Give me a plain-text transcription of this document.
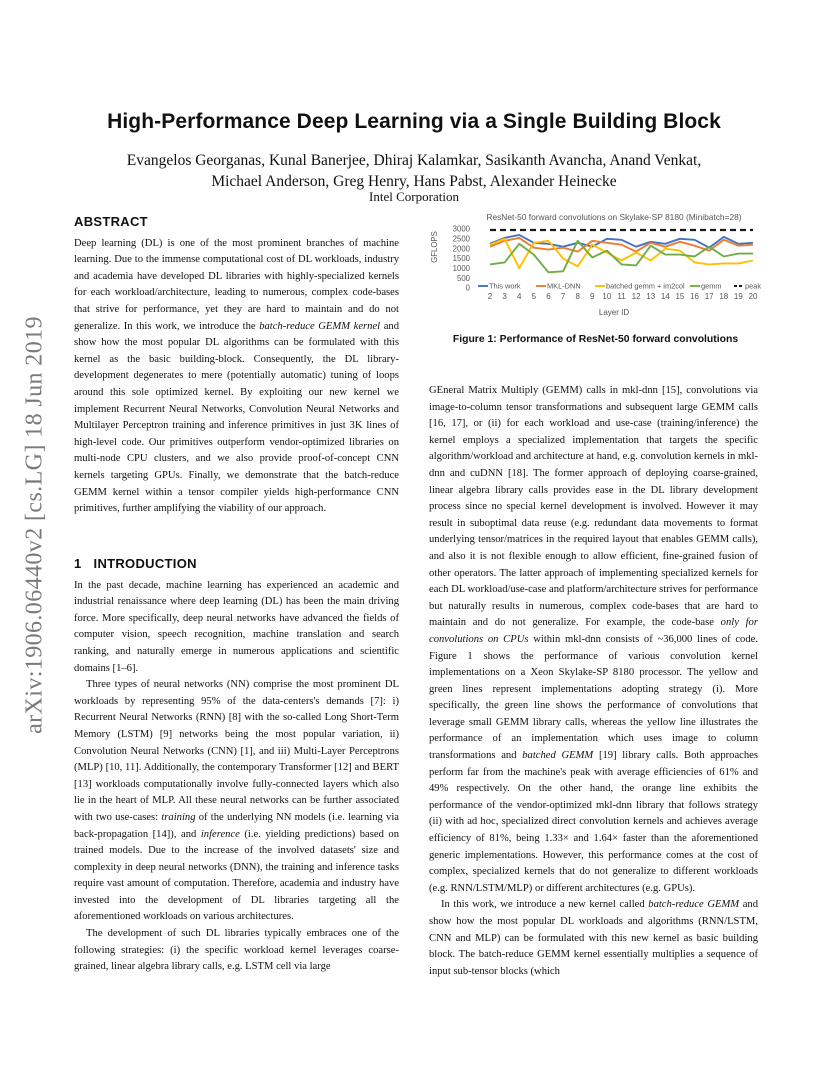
High-Performance Deep Learning via a Single Building Block
Evangelos Georganas, Kunal Banerjee, Dhiraj Kalamkar, Sasikanth Avancha, Anand Venkat,
Michael Anderson, Greg Henry, Hans Pabst, Alexander Heinecke
Intel Corporation
arXiv:1906.06440v2 [cs.LG] 18 Jun 2019
ABSTRACT

Deep learning (DL) is one of the most prominent branches of machine learning. Due to the immense computational cost of DL workloads, industry and academia have developed DL libraries with highly-specialized kernels for each workload/architecture, leading to numerous, complex code-bases that strive for performance, yet they are hard to maintain and do not generalize. In this work, we introduce the batch-reduce GEMM kernel and show how the most popular DL algorithms can be formulated with this kernel as the basic building-block. Consequently, the DL library-development degenerates to mere (potentially automatic) tuning of loops around this sole optimized kernel. By exploiting our new kernel we implement Recurrent Neural Networks, Convolution Neural Networks and Multilayer Perceptron training and inference primitives in just 3K lines of high-level code. Our primitives outperform vendor-optimized libraries on multi-node CPU clusters, and we also provide proof-of-concept CNN kernels targeting GPUs. Finally, we demonstrate that the batch-reduce GEMM kernel within a tensor compiler yields high-performance CNN primitives, further amplifying the viability of our approach.

1 INTRODUCTION

In the past decade, machine learning has experienced an academic and industrial renaissance where deep learning (DL) has been the main driving force. More specifically, deep neural networks have advanced the fields of computer vision, speech recognition, machine translation and search ranking, and naturally emerge in numerous applications and scientific domains [1–6].

Three types of neural networks (NN) comprise the most prominent DL workloads by representing 95% of the data-centers's demands [7]: i) Recurrent Neural Networks (RNN) [8] with the so-called Long Short-Term Memory (LSTM) [9] networks being the most popular variation, ii) Convolution Neural Networks (CNN) [1], and iii) Multi-Layer Perceptrons (MLP) [10, 11]. Additionally, the contemporary Transformer [12] and BERT [13] workloads computationally involve fully-connected layers which also lie in the heart of MLP. All these neural networks can be further associated with two use-cases: training of the underlying NN models (i.e. learning via back-propagation [14]), and inference (i.e. yielding predictions) based on trained models. Due to the increase of the involved datasets' size and complexity in deep neural networks (DNN), the training and inference tasks require vast amount of computation. Therefore, academia and industry have invested into the development of DL libraries targeting all the aforementioned workloads on various architectures.

The development of such DL libraries typically embraces one of the following strategies: (i) the specific workload kernel leverages coarse-grained, linear algebra library calls, e.g. LSTM cell via large

ResNet-50 forward convolutions on Skylake-SP 8180 (Minibatch=28)
GFLOPS
Layer ID
0
500
1000
1500
2000
2500
3000
2 3 4 5 6 7 8 9 10 11 12 13 14 15 16 17 18 19 20
This work	MKL-DNN	batched gemm + im2col gemm	peak
Figure 1: Performance of ResNet-50 forward convolutions

GEneral Matrix Multiply (GEMM) calls in mkl-dnn [15], convolutions via image-to-column tensor transformations and subsequent large GEMM calls [16, 17], or (ii) for each workload and use-case (training/inference) the kernel employs a specialized implementation that targets the specific algorithm/workload and architecture at hand, e.g. convolution kernels in mkl-dnn and cuDNN [18]. The former approach of deploying coarse-grained, linear algebra library calls provides ease in the DL library development process since no special kernel development is involved. However it may result in suboptimal data reuse (e.g. redundant data movements to format underlying tensor/matrices in the required layout that enables GEMM calls), and also it is not flexible enough to allow efficient, fine-grained fusion of other operators. The latter approach of implementing specialized kernels for each DL workload/use-case and platform/architecture strives for performance but naturally results in numerous, complex code-bases that are hard to maintain and do not generalize. For example, the code-base only for convolutions on CPUs within mkl-dnn consists of ~36,000 lines of code. Figure 1 shows the performance of various convolution kernel implementations on a Xeon Skylake-SP 8180 processor. The yellow and green lines represent implementations adopting strategy (i). More specifically, the green line shows the performance of convolutions that leverage small GEMM library calls, whereas the yellow line illustrates the performance of an implementation which uses image to column transformations and batched GEMM [19] library calls. Both approaches perform far from the machine's peak with average efficiencies of 61% and 49% respectively. On the other hand, the orange line exhibits the performance of the vendor-optimized mkl-dnn library that follows strategy (ii) with ad hoc, specialized direct convolution kernels and achieves average efficiency of 81%, being 1.33× and 1.64× faster than the aforementioned generic implementations. However, this performance comes at the cost of complex, specialized kernels that do not generalize to different workloads (e.g. RNN/LSTM/MLP) or different architectures (e.g. GPUs).

In this work, we introduce a new kernel called batch-reduce GEMM and show how the most popular DL workloads and algorithms (RNN/LSTM, CNN and MLP) can be formulated with this new kernel as basic building block. The batch-reduce GEMM kernel essentially multiplies a sequence of input sub-tensor blocks (which
